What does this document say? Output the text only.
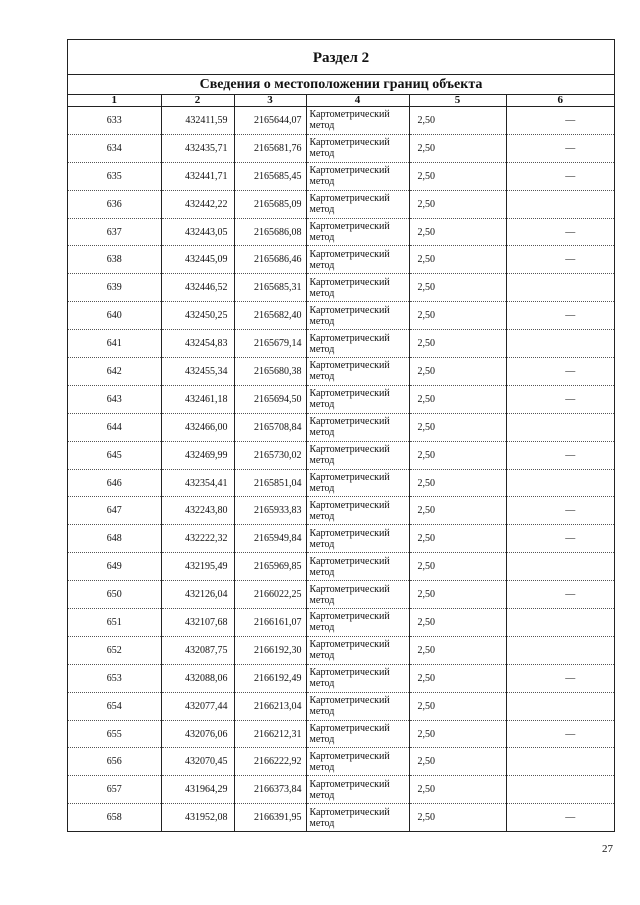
Раздел 2
Сведения о местоположении границ объекта
1	2	3	4	5	6
633	432411,59	2165644,07	Картометрический
метод	2,50	—
634	432435,71	2165681,76	Картометрический
метод	2,50	—
635	432441,71	2165685,45	Картометрический
метод	2,50	—
636	432442,22	2165685,09	Картометрический
метод	2,50	
637	432443,05	2165686,08	Картометрический
метод	2,50	—
638	432445,09	2165686,46	Картометрический
метод	2,50	—
639	432446,52	2165685,31	Картометрический
метод	2,50	
640	432450,25	2165682,40	Картометрический
метод	2,50	—
641	432454,83	2165679,14	Картометрический
метод	2,50	
642	432455,34	2165680,38	Картометрический
метод	2,50	—
643	432461,18	2165694,50	Картометрический
метод	2,50	—
644	432466,00	2165708,84	Картометрический
метод	2,50	
645	432469,99	2165730,02	Картометрический
метод	2,50	—
646	432354,41	2165851,04	Картометрический
метод	2,50	
647	432243,80	2165933,83	Картометрический
метод	2,50	—
648	432222,32	2165949,84	Картометрический
метод	2,50	—
649	432195,49	2165969,85	Картометрический
метод	2,50	
650	432126,04	2166022,25	Картометрический
метод	2,50	—
651	432107,68	2166161,07	Картометрический
метод	2,50	
652	432087,75	2166192,30	Картометрический
метод	2,50	
653	432088,06	2166192,49	Картометрический
метод	2,50	—
654	432077,44	2166213,04	Картометрический
метод	2,50	
655	432076,06	2166212,31	Картометрический
метод	2,50	—
656	432070,45	2166222,92	Картометрический
метод	2,50	
657	431964,29	2166373,84	Картометрический
метод	2,50	
658	431952,08	2166391,95	Картометрический
метод	2,50	—
27
